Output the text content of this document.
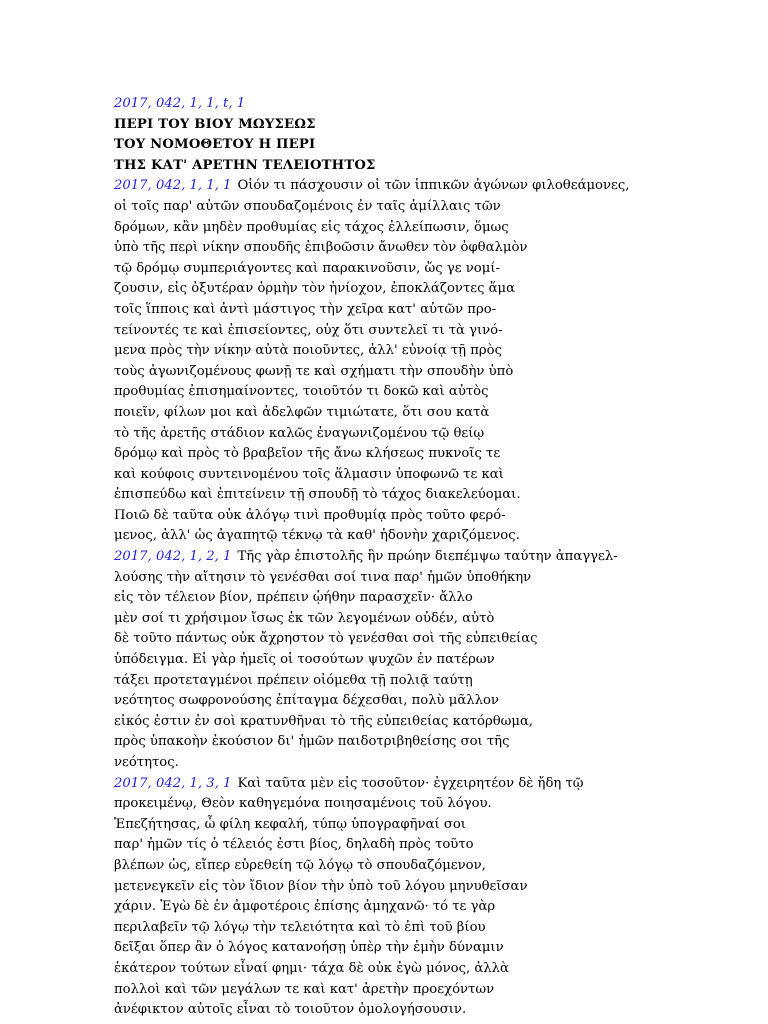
2017, 042, 1, 1, t, 1
ΠΕΡΙ ΤΟΥ ΒΙΟΥ ΜΩΥΣΕΩΣ
ΤΟΥ ΝΟΜΟΘΕΤΟΥ Η ΠΕΡΙ
ΤΗΣ ΚΑΤ' ΑΡΕΤΗΝ ΤΕΛΕΙΟΤΗΤΟΣ
2017, 042, 1, 1, 1 Οἱόν τι πάσχουσιν οἱ τῶν ἱππικῶν ἀγώνων φιλοθεάμονες,
οἱ τοῖς παρ' αὐτῶν σπουδαζομένοις ἐν ταῖς ἁμίλλαις τῶν
δρόμων, κἂν μηδὲν προθυμίας εἰς τάχος ἐλλείπωσιν, ὅμως
ὑπὸ τῆς περὶ νίκην σπουδῆς ἐπιβοῶσιν ἄνωθεν τὸν ὀφθαλμὸν
τῷ δρόμῳ συμπεριάγοντες καὶ παρακινοῦσιν, ὥς γε νομί-
ζουσιν, εἰς ὀξυτέραν ὁρμὴν τὸν ἡνίοχον, ἐποκλάζοντες ἅμα
τοῖς ἵπποις καὶ ἀντὶ μάστιγος τὴν χεῖρα κατ' αὐτῶν προ-
τείνοντές τε καὶ ἐπισείοντες, οὐχ ὅτι συντελεῖ τι τὰ γινό-
μενα πρὸς τὴν νίκην αὐτὰ ποιοῦντες, ἀλλ' εὐνοίᾳ τῇ πρὸς
τοὺς ἀγωνιζομένους φωνῇ τε καὶ σχήματι τὴν σπουδὴν ὑπὸ
προθυμίας ἐπισημαίνοντες, τοιοῦτόν τι δοκῶ καὶ αὐτὸς
ποιεῖν, φίλων μοι καὶ ἀδελφῶν τιμιώτατε, ὅτι σου κατὰ
τὸ τῆς ἀρετῆς στάδιον καλῶς ἐναγωνιζομένου τῷ θείῳ
δρόμῳ καὶ πρὸς τὸ βραβεῖον τῆς ἄνω κλήσεως πυκνοῖς τε
καὶ κούφοις συντεινομένου τοῖς ἅλμασιν ὑποφωνῶ τε καὶ
ἐπισπεύδω καὶ ἐπιτείνειν τῇ σπουδῇ τὸ τάχος διακελεύομαι.
Ποιῶ δὲ ταῦτα οὐκ ἀλόγῳ τινὶ προθυμίᾳ πρὸς τοῦτο φερό-
μενος, ἀλλ' ὡς ἀγαπητῷ τέκνῳ τὰ καθ' ἡδονὴν χαριζόμενος.
2017, 042, 1, 2, 1 Τῆς γὰρ ἐπιστολῆς ἣν πρώην διεπέμψω ταύτην ἀπαγγελ-
λούσης τὴν αἴτησιν τὸ γενέσθαι σοί τινα παρ' ἡμῶν ὑποθήκην
εἰς τὸν τέλειον βίον, πρέπειν ᾠήθην παρασχεῖν· ἄλλο
μὲν σοί τι χρήσιμον ἴσως ἐκ τῶν λεγομένων οὐδέν, αὐτὸ
δὲ τοῦτο πάντως οὐκ ἄχρηστον τὸ γενέσθαι σοὶ τῆς εὐπειθείας
ὑπόδειγμα. Εἰ γὰρ ἡμεῖς οἱ τοσούτων ψυχῶν ἐν πατέρων
τάξει προτεταγμένοι πρέπειν οἰόμεθα τῇ πολιᾷ ταύτῃ
νεότητος σωφρονούσης ἐπίταγμα δέχεσθαι, πολὺ μᾶλλον
εἰκός ἐστιν ἐν σοὶ κρατυνθῆναι τὸ τῆς εὐπειθείας κατόρθωμα,
πρὸς ὑπακοὴν ἑκούσιον δι' ἡμῶν παιδοτριβηθείσης σοι τῆς
νεότητος.
2017, 042, 1, 3, 1 Καὶ ταῦτα μὲν εἰς τοσοῦτον· ἐγχειρητέον δὲ ἤδη τῷ
προκειμένῳ, Θεὸν καθηγεμόνα ποιησαμένοις τοῦ λόγου.
Ἐπεζήτησας, ὦ φίλη κεφαλή, τύπῳ ὑπογραφῆναί σοι
παρ' ἡμῶν τίς ὁ τέλειός ἐστι βίος, δηλαδὴ πρὸς τοῦτο
βλέπων ὡς, εἴπερ εὑρεθείη τῷ λόγῳ τὸ σπουδαζόμενον,
μετενεγκεῖν εἰς τὸν ἴδιον βίον τὴν ὑπὸ τοῦ λόγου μηνυθεῖσαν
χάριν. Ἐγὼ δὲ ἐν ἀμφοτέροις ἐπίσης ἀμηχανῶ· τό τε γὰρ
περιλαβεῖν τῷ λόγῳ τὴν τελειότητα καὶ τὸ ἐπὶ τοῦ βίου
δεῖξαι ὅπερ ἂν ὁ λόγος κατανοήσῃ ὑπὲρ τὴν ἐμὴν δύναμιν
ἑκάτερον τούτων εἶναί φημι· τάχα δὲ οὐκ ἐγὼ μόνος, ἀλλὰ
πολλοὶ καὶ τῶν μεγάλων τε καὶ κατ' ἀρετὴν προεχόντων
ἀνέφικτον αὐτοῖς εἶναι τὸ τοιοῦτον ὁμολογήσουσιν.
